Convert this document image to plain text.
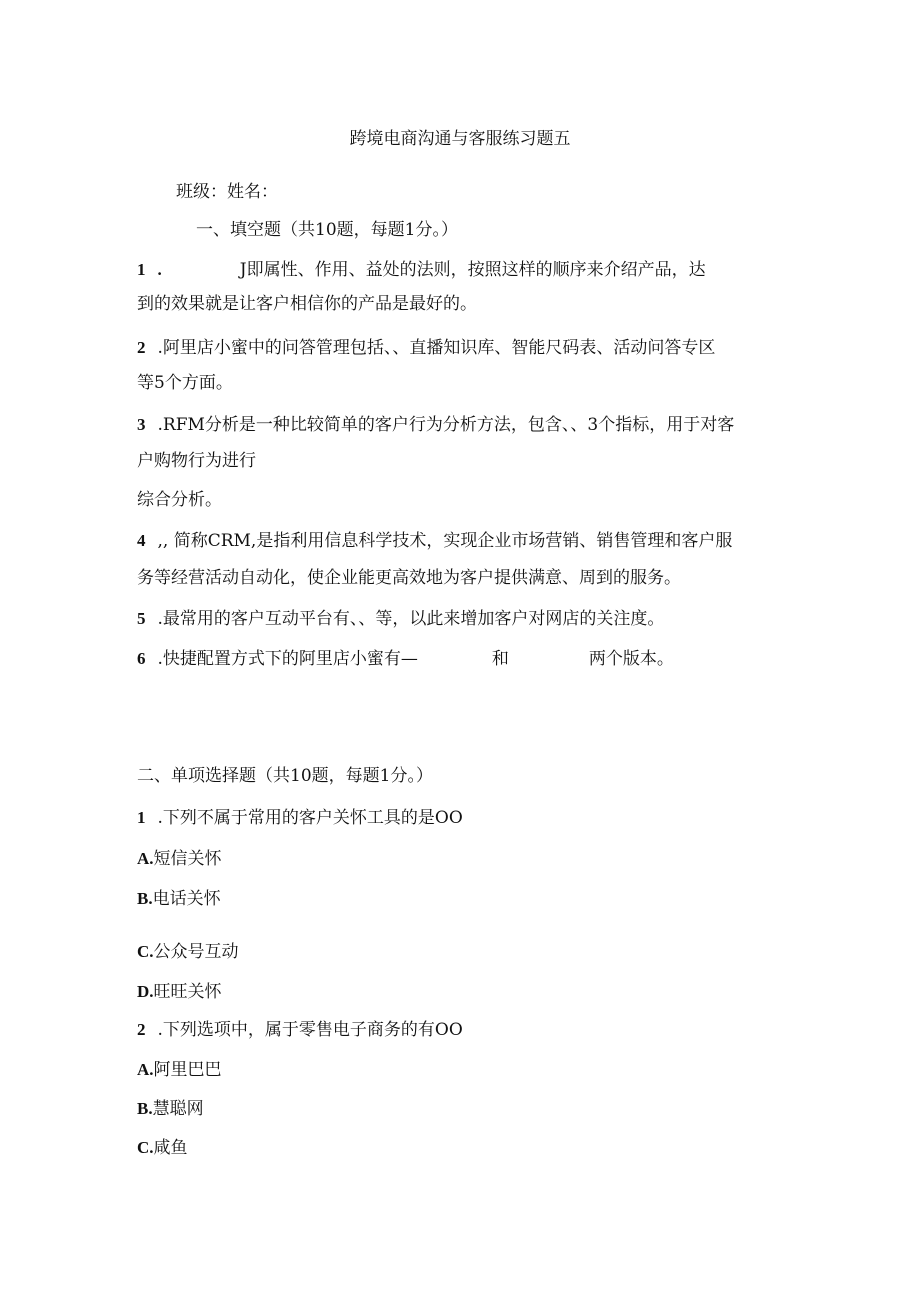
跨境电商沟通与客服练习题五
班级：姓名：
一、填空题（共10题，每题1分。）
1 .	J即属性、作用、益处的法则，按照这样的顺序来介绍产品，达
到的效果就是让客户相信你的产品是最好的。
2 .阿里店小蜜中的问答管理包括、、直播知识库、智能尺码表、活动问答专区
等5个方面。
3 .RFM分析是一种比较简单的客户行为分析方法，包含、、3个指标，用于对客
户购物行为进行
综合分析。
4 ,, 简称CRM,是指利用信息科学技术，实现企业市场营销、销售管理和客户服
务等经营活动自动化，使企业能更高效地为客户提供满意、周到的服务。
5 .最常用的客户互动平台有、、等，以此来增加客户对网店的关注度。
6 .快捷配置方式下的阿里店小蜜有—	和	两个版本。
二、单项选择题（共10题，每题1分。）
1 .下列不属于常用的客户关怀工具的是OO
A.短信关怀
B.电话关怀
C.公众号互动
D.旺旺关怀
2 .下列选项中，属于零售电子商务的有OO
A.阿里巴巴
B.慧聪网
C.咸鱼
